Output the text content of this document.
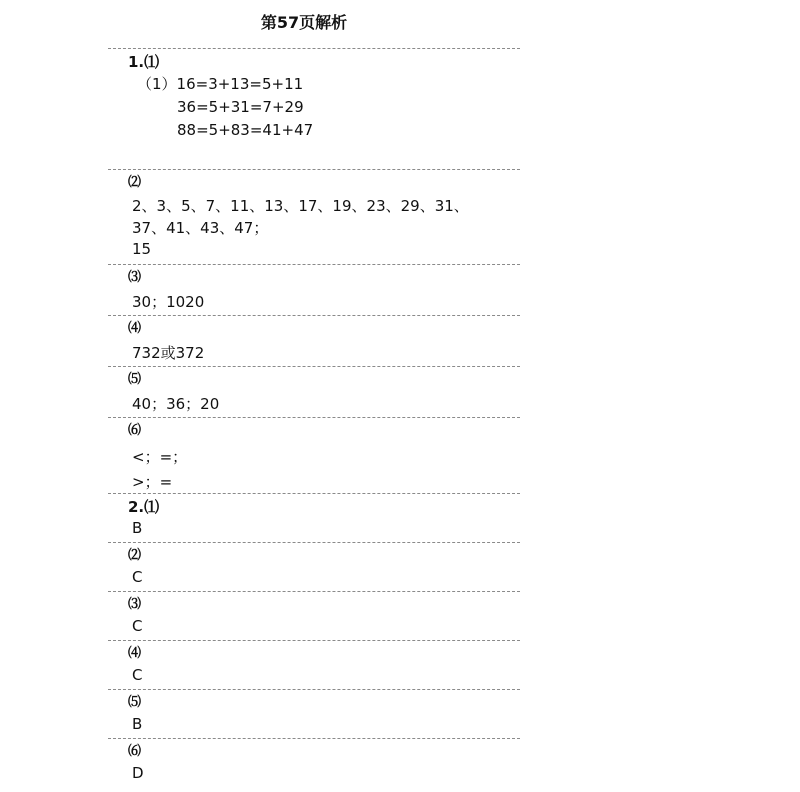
第57页解析
1.⑴
（1）16=3+13=5+11
36=5+31=7+29
88=5+83=41+47
⑵
2、3、5、7、11、13、17、19、23、29、31、
37、41、43、47；
15
⑶
30；1020
⑷
732或372
⑸
40；36；20
⑹
<；=；
>；=
2.⑴
B
⑵
C
⑶
C
⑷
C
⑸
B
⑹
D
